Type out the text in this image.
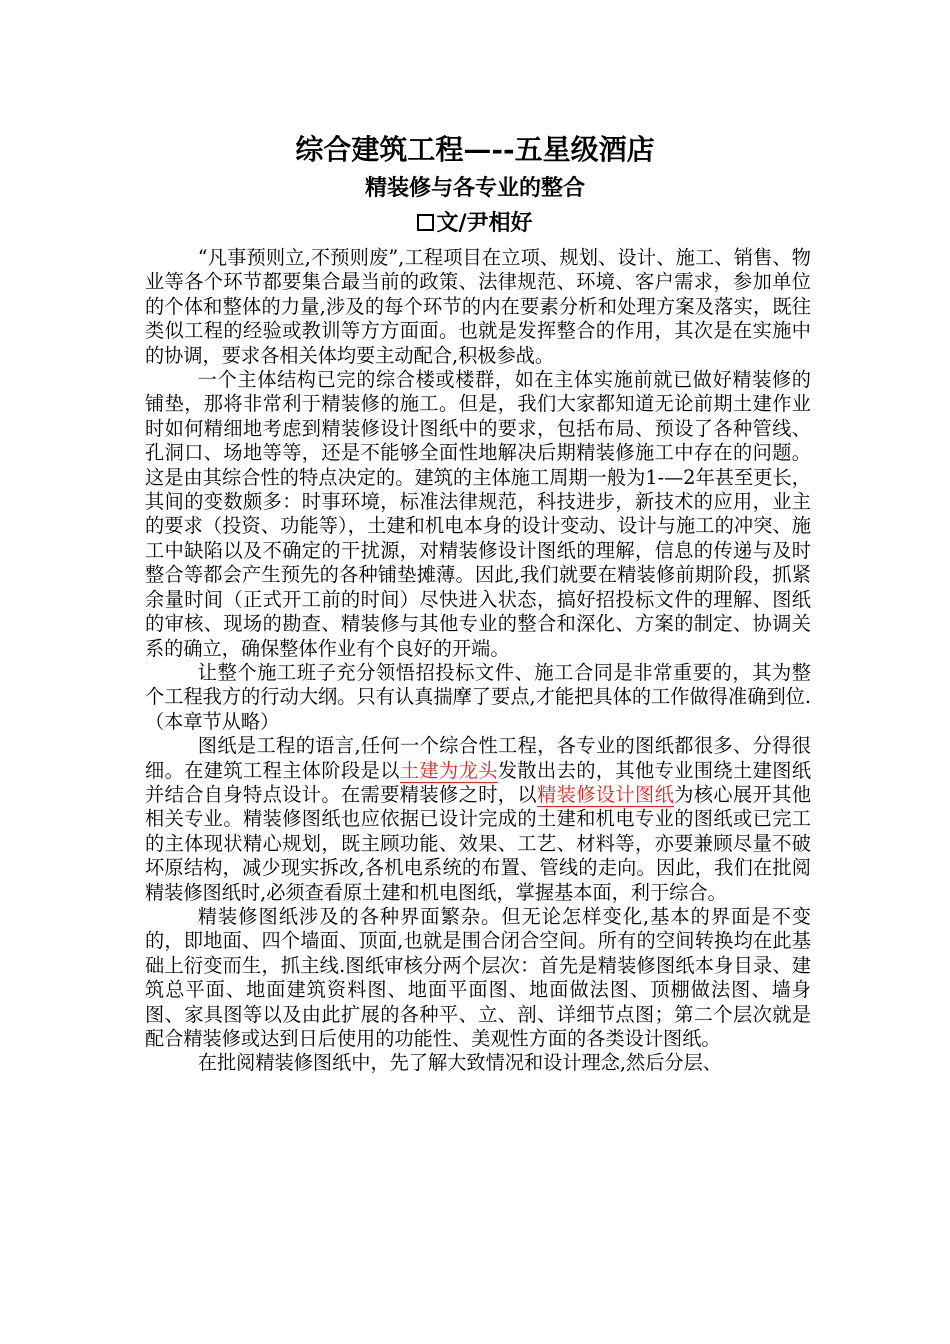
综合建筑工程—--五星级酒店
精装修与各专业的整合
文/尹相好

“凡事预则立,不预则废”,工程项目在立项、规划、设计、施工、销售、物业等各个环节都要集合最当前的政策、法律规范、环境、客户需求，参加单位的个体和整体的力量,涉及的每个环节的内在要素分析和处理方案及落实，既往类似工程的经验或教训等方方面面。也就是发挥整合的作用，其次是在实施中的协调，要求各相关体均要主动配合,积极参战。

一个主体结构已完的综合楼或楼群，如在主体实施前就已做好精装修的铺垫，那将非常利于精装修的施工。但是，我们大家都知道无论前期土建作业时如何精细地考虑到精装修设计图纸中的要求，包括布局、预设了各种管线、孔洞口、场地等等，还是不能够全面性地解决后期精装修施工中存在的问题。这是由其综合性的特点决定的。建筑的主体施工周期一般为1-—2年甚至更长，其间的变数颇多：时事环境，标准法律规范，科技进步，新技术的应用，业主的要求（投资、功能等），土建和机电本身的设计变动、设计与施工的冲突、施工中缺陷以及不确定的干扰源，对精装修设计图纸的理解，信息的传递与及时整合等都会产生预先的各种铺垫摊薄。因此,我们就要在精装修前期阶段，抓紧余量时间（正式开工前的时间）尽快进入状态，搞好招投标文件的理解、图纸的审核、现场的勘查、精装修与其他专业的整合和深化、方案的制定、协调关系的确立，确保整体作业有个良好的开端。

让整个施工班子充分领悟招投标文件、施工合同是非常重要的，其为整个工程我方的行动大纲。只有认真揣摩了要点,才能把具体的工作做得准确到位.（本章节从略）

图纸是工程的语言,任何一个综合性工程，各专业的图纸都很多、分得很细。在建筑工程主体阶段是以土建为龙头发散出去的，其他专业围绕土建图纸并结合自身特点设计。在需要精装修之时，以精装修设计图纸为核心展开其他相关专业。精装修图纸也应依据已设计完成的土建和机电专业的图纸或已完工的主体现状精心规划，既主顾功能、效果、工艺、材料等，亦要兼顾尽量不破坏原结构，减少现实拆改,各机电系统的布置、管线的走向。因此，我们在批阅精装修图纸时,必须查看原土建和机电图纸，掌握基本面，利于综合。

精装修图纸涉及的各种界面繁杂。但无论怎样变化,基本的界面是不变的，即地面、四个墙面、顶面,也就是围合闭合空间。所有的空间转换均在此基础上衍变而生，抓主线.图纸审核分两个层次：首先是精装修图纸本身目录、建筑总平面、地面建筑资料图、地面平面图、地面做法图、顶棚做法图、墙身图、家具图等以及由此扩展的各种平、立、剖、详细节点图；第二个层次就是配合精装修或达到日后使用的功能性、美观性方面的各类设计图纸。

在批阅精装修图纸中，先了解大致情况和设计理念,然后分层、
